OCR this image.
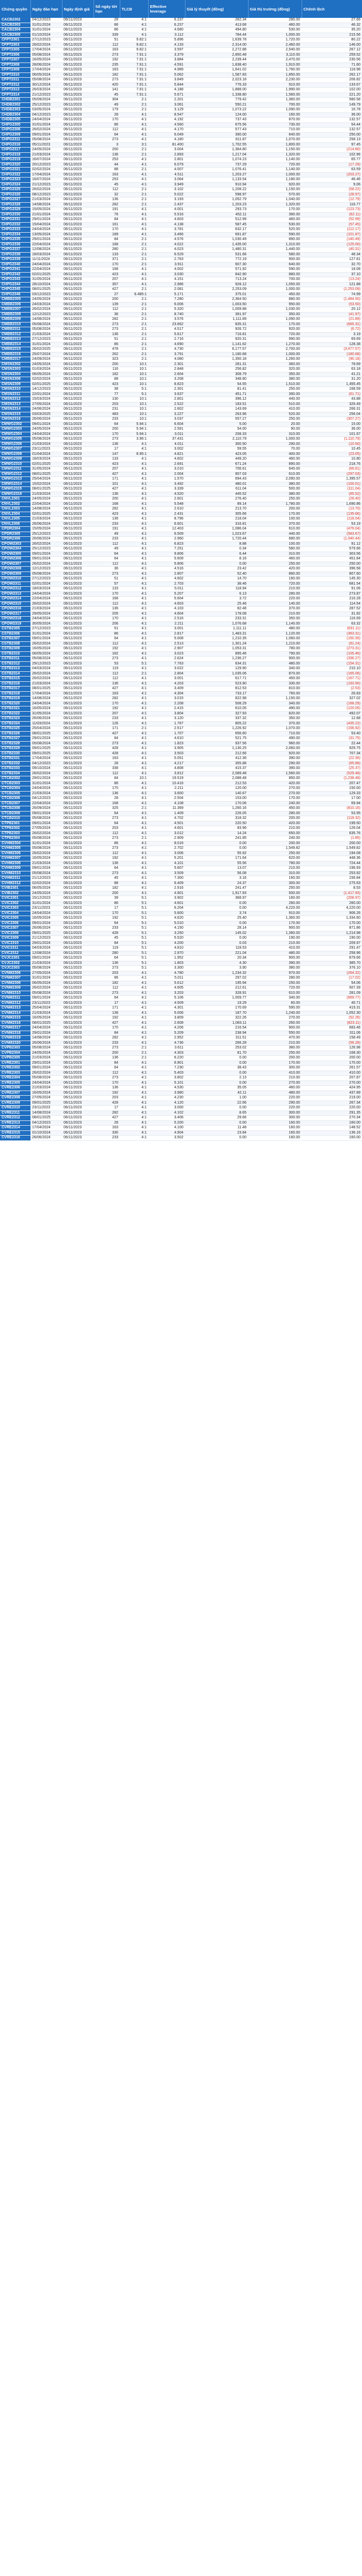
Chứng quyền	Ngày đáo hạn	Ngày định giá	Số ngày tới hạn	TLCĐ	Effective leverage	Giá lý thuyết (đồng)	Giá thị trường (đồng)	Chênh lệch
CACB2302	04/12/2023	06/11/2023	28	4:1	6.237	262.34	290.00	27.66
CACB2303	31/01/2024	06/11/2023	86	4:1	6.237	413.68	460.00	46.32
CACB2304	31/01/2024	06/11/2023	86	4:1	4.680	494.80	530.00	35.20
CACB2305	01/10/2024	06/11/2023	339	4:1	3.112	784.44	1,000.00	215.56
CFPT2301	27/12/2023	06/11/2023	51	9.82:1	5.896	1,639.78	1,720.00	80.22
CFPT2303	26/02/2024	06/11/2023	112	9.82:1	4.133	2,314.00	2,460.00	146.00
CFPT2305	17/04/2024	06/11/2023	163	9.82:1	3.597	2,272.88	2,540.00	267.12
CFPT2306	05/08/2024	06/11/2023	273	7.91:1	3.379	2,850.48	3,110.00	259.52
CFPT2307	16/05/2024	06/11/2023	192	7.91:1	3.884	2,239.44	2,470.00	230.56
CFPT2308	28/06/2024	06/11/2023	235	7.91:1	4.591	1,838.40	1,910.00	71.60
CFPT2309	17/04/2024	06/11/2023	163	7.91:1	4.989	1,641.02	1,760.00	118.98
CFPT2310	06/05/2024	06/11/2023	182	7.91:1	5.062	1,587.83	1,850.00	262.17
CFPT2311	05/08/2024	06/11/2023	273	7.91:1	3.849	2,023.18	2,230.00	206.82
CFPT2312	30/12/2024	06/11/2023	420	7.91:1	5.844	776.33	910.00	133.67
CFPT2313	26/03/2024	06/11/2023	141	7.91:1	4.188	1,888.00	1,990.00	102.00
CFPT2314	21/12/2023	06/11/2023	45	7.91:1	5.671	1,338.80	1,560.00	221.20
CHDB2301	05/09/2024	06/11/2023	304	2:1	2.201	779.42	1,360.00	580.58
CHDB2302	25/12/2023	06/11/2023	49	2:1	3.061	550.21	700.00	149.79
CHDB2303	03/05/2024	06/11/2023	179	2:1	3.129	1,073.22	1,090.00	16.78
CHDB2304	04/12/2023	06/11/2023	28	4:1	8.547	124.00	160.00	36.00
CHDB2305	24/04/2024	06/11/2023	170	4:1	4.192	737.43	870.00	132.57
CHPG2305	31/01/2024	06/11/2023	86	4:1	4.560	675.56	730.00	54.44
CHPG2306	26/02/2024	06/11/2023	112	4:1	4.170	577.43	710.00	132.57
CHPG2309	09/01/2024	06/11/2023	64	4:1	6.049	390.00	640.00	250.00
CHPG2311	05/08/2024	06/11/2023	273	4:1	4.180	811.87	1,070.00	258.13
CHPG2316	05/11/2023	06/11/2023	3	3:1	81.400	1,702.55	1,800.00	97.45
CHPG2317	24/05/2024	06/11/2023	200	2:1	3.004	1,364.80	1,150.00	(214.80)
CHPG2318	21/03/2024	06/11/2023	136	2:1	2.893	1,217.04	1,320.00	102.96
CHPG2319	16/07/2024	06/11/2023	253	4:1	2.801	1,074.23	1,140.00	65.77
CHPG2320	20/12/2023	06/11/2023	44	4:1	6.079	737.29	720.00	(17.29)
CHPG2321	02/02/2024	06/11/2023	88	2:1	4.007	1,076.41	1,140.00	63.59
CHPG2322	17/04/2024	06/11/2023	163	4:1	4.511	1,203.27	1,000.00	(203.27)
CHPG2323	16/07/2024	06/11/2023	253	4:1	3.064	1,133.54	1,180.00	46.46
CHPG2324	21/12/2023	06/11/2023	45	4:1	3.949	910.94	920.00	9.06
CHPG2325	26/02/2024	06/11/2023	112	2:1	3.102	1,208.22	1,150.00	(58.22)
CHPG2326	08/12/2023	06/11/2023	32	2:1	5.022	598.97	570.00	(28.97)
CHPG2327	21/03/2024	06/11/2023	136	2:1	3.193	1,052.79	1,040.00	(12.79)
CHPG2328	14/08/2024	06/11/2023	282	2:1	2.437	1,203.23	1,320.00	116.77
CHPG2329	15/05/2024	06/11/2023	191	4:1	4.001	293.73	170.00	(123.73)
CHPG2330	21/01/2024	06/11/2023	76	4:1	5.516	452.11	390.00	(62.11)
CHPG2331	29/01/2024	06/11/2023	84	4:1	4.603	512.99	460.00	(52.99)
CHPG2332	15/04/2024	06/11/2023	161	4:1	4.138	587.45	530.00	(57.45)
CHPG2333	24/04/2024	06/11/2023	170	4:1	3.781	632.17	520.00	(112.17)
CHPG2334	13/05/2024	06/11/2023	189	4:1	3.466	691.87	590.00	(101.87)
CHPG2335	29/01/2024	06/11/2023	84	2:1	4.576	1,030.49	890.00	(140.49)
CHPG2336	22/04/2024	06/11/2023	168	2:1	4.022	1,435.00	1,310.00	(125.00)
CHPG2337	12/08/2024	06/11/2023	280	2:1	4.023	1,480.31	1,440.00	(40.31)
CHPG2338	18/03/2024	06/11/2023	133	2:1	6.529	531.66	580.00	48.34
CHPG2339	11/11/2024	06/11/2023	371	2:1	2.763	772.19	900.00	127.81
CHPG2340	24/04/2024	06/11/2023	170	2:1	3.911	607.30	640.00	32.70
CHPG2341	22/04/2024	06/11/2023	168	4:1	4.002	571.92	590.00	18.08
CHPG2342	02/01/2025	06/11/2023	423	4:1	3.030	842.90	880.00	37.10
CHPG2343	31/05/2024	06/11/2023	207	4:1	4.151	713.24	700.00	(13.24)
CHPG2344	28/10/2024	06/11/2023	357	4:1	2.986	928.12	1,050.00	121.88
CHPG2345	08/01/2025	06/11/2023	427	2:1	2.081	2,253.09	1,000.00	(1,253.09)
CHPG2346	03/12/2023	06/11/2023	27	6.485:1	5.171	375.01	450.00	74.99
CMBB2305	24/05/2024	06/11/2023	200	2:1	7.280	2,364.50	880.00	(1,484.50)
CMBB2306	24/03/2024	06/11/2023	139	2:1	6.006	1,003.50	950.00	(53.50)
CMBB2307	26/02/2024	06/11/2023	112	2:1	5.320	1,009.88	1,030.00	20.12
CMBB2308	12/12/2023	06/11/2023	36	2:1	8.740	391.97	350.00	(41.97)
CMBB2309	14/08/2024	06/11/2023	282	2:1	3.576	1,111.89	1,090.00	(21.89)
CMBB2310	05/08/2024	06/11/2023	273	2:1	23.662	835.31	170.00	(665.31)
CMBB2311	05/08/2024	06/11/2023	273	2:1	4.517	926.72	920.00	(6.72)
CMBB2312	21/03/2024	06/11/2023	136	2:1	5.617	716.81	720.00	3.19
CMBB2313	27/12/2023	06/11/2023	51	2:1	2.716	920.31	990.00	69.69
CMBB2314	31/01/2024	06/11/2023	86	2:1	4.690	1,141.62	1,270.00	128.38
CMBB2315	26/02/2025	06/11/2023	478	2:1	4.730	6,177.57	2,700.00	(3,477.57)
CMBB2316	25/07/2024	06/11/2023	262	2:1	3.791	1,180.68	1,000.00	(180.68)
CMBB2317	24/09/2024	06/11/2023	323	2:1	4.080	1,350.18	1,260.00	(90.18)
CMSN2302	24/05/2024	06/11/2023	200	10:1	2.301	281.31	360.00	78.69
CMSN2303	01/03/2024	06/11/2023	116	10:1	2.848	256.82	320.00	63.18
CMSN2304	06/05/2024	06/11/2023	182	10:1	2.604	308.79	350.00	41.21
CMSN2308	02/02/2024	06/11/2023	88	10:1	3.208	348.80	380.00	31.20
CMSN2309	02/01/2025	06/11/2023	423	10:1	8.823	54.55	1,510.00	1,455.45
CMSN2310	14/12/2023	06/11/2023	38	5:1	2.301	81.41	250.00	168.59
CMSN2311	22/01/2024	06/11/2023	77	5:1	3.637	451.71	390.00	(61.71)
CMSN2312	15/03/2024	06/11/2023	130	10:1	2.801	396.12	440.00	43.88
CMSN2313	27/05/2024	06/11/2023	203	10:1	2.522	183.51	510.00	326.49
CMSN2314	24/06/2024	06/11/2023	231	10:1	2.602	143.69	410.00	266.31
CMSN2315	03/03/2025	06/11/2023	483	10:1	3.227	263.96	520.00	256.04
CMSN2316	26/06/2024	06/11/2023	233	10:1	3.037	557.27	250.00	(307.27)
CMWG2302	09/01/2024	06/11/2023	64	5.94:1	6.604	5.00	20.00	15.00
CMWG2303	24/05/2024	06/11/2023	200	5.94:1	2.591	54.00	90.00	36.00
CMWG2304	24/04/2024	06/11/2023	170	5.94:1	3.011	208.33	310.00	101.67
CMWG2305	05/08/2024	06/11/2023	273	3.96:1	37.431	2,110.79	1,000.00	(1,110.79)
CMWG2306	21/03/2024	06/11/2023	136	4:1	4.011	300.50	290.00	(10.50)
CMWG2307	23/11/2023	06/11/2023	17	4:1	3.002	59.55	70.00	10.45
CMWG2308	01/04/2024	06/11/2023	147	8.95:1	4.821	423.05	400.00	(23.05)
CMWG2309	18/03/2024	06/11/2023	133	4:1	4.602	449.20	460.00	10.80
CMWG2310	02/01/2025	06/11/2023	423	4:1	2.691	671.24	890.00	218.76
CMWG2311	31/05/2024	06/11/2023	207	4:1	3.010	706.61	640.00	(66.61)
CMWG2312	08/01/2025	06/11/2023	427	4:1	2.004	907.03	610.00	(297.03)
CMWG2313	25/04/2024	06/11/2023	171	4:1	1.570	694.43	2,090.00	1,395.57
CMWG2314	15/02/2024	06/11/2023	101	4:1	3.492	480.01	380.00	(100.01)
CMWG2315	08/01/2025	06/11/2023	427	4:1	3.339	611.04	500.00	(111.04)
CMWG2316	21/03/2024	06/11/2023	136	4:1	4.520	445.52	380.00	(65.52)
CNVL2301	24/05/2024	06/11/2023	200	4:1	2.601	276.40	250.00	(26.40)
CNVL2302	22/04/2024	06/11/2023	168	4:1	5.548	89.14	1,780.00	1,690.86
CNVL2303	14/08/2024	06/11/2023	282	4:1	2.610	213.70	200.00	(13.70)
CNVL2304	02/01/2025	06/11/2023	423	4:1	2.431	305.66	170.00	(135.66)
CNVL2305	21/03/2024	06/11/2023	136	4:1	8.796	218.04	100.00	(118.04)
CNVL2306	26/06/2024	06/11/2023	233	4:1	6.601	316.81	370.00	53.19
CPDR2304	15/05/2024	06/11/2023	191	4:1	12.403	1,086.04	610.00	(476.04)
CPDR2305	25/12/2023	06/11/2023	49	4:1	6.509	1,023.67	440.00	(583.67)
CPDR2306	26/06/2024	06/11/2023	233	4:1	2.960	1,720.44	680.00	(1,040.44)
CPOW2303	26/02/2024	06/11/2023	112	4:1	6.823	8.88	100.00	91.12
CPOW2304	25/12/2023	06/11/2023	49	4:1	7.251	0.34	580.00	579.66
CPOW2305	09/01/2024	06/11/2023	64	4:1	9.806	6.44	310.00	303.56
CPOW2306	09/01/2024	06/11/2023	64	4:1	5.609	8.16	460.00	451.84
CPOW2307	26/02/2024	06/11/2023	112	4:1	5.806	0.00	250.00	250.00
CPOW2308	12/12/2023	06/11/2023	36	4:1	4.516	23.42	420.00	396.58
CPOW2309	05/08/2024	06/11/2023	273	4:1	2.807	52.40	860.00	807.60
CPOW2310	27/12/2023	06/11/2023	51	4:1	4.602	14.70	160.00	145.30
CPOW2311	02/01/2024	06/11/2023	57	4:1	2.703	38.46	720.00	681.54
CPOW2312	18/03/2024	06/11/2023	133	4:1	5.011	118.94	210.00	91.06
CPOW2313	24/04/2024	06/11/2023	170	4:1	5.207	6.13	280.00	273.87
CPOW2314	22/04/2024	06/11/2023	168	4:1	5.604	3.72	220.00	216.28
CPOW2315	26/02/2024	06/11/2023	112	4:1	4.603	25.46	140.00	114.54
CPOW2316	21/03/2024	06/11/2023	136	4:1	4.103	82.48	370.00	287.52
CPOW2317	29/05/2024	06/11/2023	205	4:1	4.604	178.08	210.00	31.92
CPOW2318	24/04/2024	06/11/2023	170	4:1	2.516	233.31	350.00	116.69
CPOW2319	30/05/2024	06/11/2023	206	4:1	2.211	1,076.68	1,140.00	63.32
CSTB2305	27/12/2023	06/11/2023	51	4:1	3.001	1,111.11	480.00	(631.11)
CSTB2306	31/01/2024	06/11/2023	86	4:1	2.817	1,483.31	1,120.00	(363.31)
CSTB2307	09/01/2024	06/11/2023	64	4:1	5.008	1,210.35	1,060.00	(150.35)
CSTB2308	26/02/2024	06/11/2023	112	4:1	2.513	1,301.24	1,210.00	(91.24)
CSTB2309	16/05/2024	06/11/2023	192	4:1	2.907	1,053.31	780.00	(273.31)
CSTB2310	06/05/2024	06/11/2023	182	4:1	3.023	895.46	790.00	(105.46)
CSTB2311	05/08/2024	06/11/2023	273	4:1	2.624	1,236.27	900.00	(336.27)
CSTB2312	29/12/2023	06/11/2023	53	5:1	7.763	634.31	480.00	(154.31)
CSTB2313	04/03/2024	06/11/2023	119	4:1	3.022	129.90	340.00	210.10
CSTB2314	26/02/2024	06/11/2023	112	2:1	2.804	1,035.06	870.00	(165.06)
CSTB2315	26/02/2024	06/11/2023	112	4:1	3.001	617.71	450.00	(167.71)
CSTB2316	21/03/2024	06/11/2023	136	4:1	4.203	523.90	330.00	(193.90)
CSTB2317	08/01/2025	06/11/2023	427	4:1	3.409	812.53	810.00	(2.53)
CSTB2318	17/04/2024	06/11/2023	163	4:1	4.304	733.17	760.00	26.83
CSTB2319	14/08/2024	06/11/2023	282	4:1	3.015	822.98	1,150.00	327.02
CSTB2320	24/04/2024	06/11/2023	170	4:1	2.208	508.29	340.00	(168.29)
CSTB2321	16/05/2024	06/11/2023	192	4:1	2.415	610.05	490.00	(120.05)
CSTB2322	31/05/2024	06/11/2023	207	4:1	3.804	327.93	820.00	492.07
CSTB2323	26/06/2024	06/11/2023	233	4:1	3.120	337.32	350.00	12.68
CSTB2324	11/03/2024	06/11/2023	126	4:1	1.767	805.22	370.00	(435.22)
CSTB2325	25/04/2024	06/11/2023	171	2:1	2.517	1,226.92	1,070.00	(156.92)
CSTB2326	08/01/2025	06/11/2023	427	4:1	1.707	656.60	710.00	53.40
CSTB2327	29/01/2024	06/11/2023	84	4:1	4.610	521.75	490.00	(31.75)
CSTB2328	05/08/2024	06/11/2023	273	4:1	1.823	937.56	960.00	22.44
CSTB2329	09/01/2025	06/11/2023	428	4:1	3.905	1,130.25	2,060.00	929.75
CSTB2330	09/01/2025	06/11/2023	428	4:1	3.503	212.66	920.00	707.34
CSTB2331	17/04/2024	06/11/2023	163	4:1	5.051	412.36	390.00	(22.36)
CSTB2332	04/12/2023	06/11/2023	28	4:1	4.217	355.88	290.00	(65.88)
CSTB2333	09/10/2024	06/11/2023	338	4:1	4.808	415.37	390.00	(25.37)
CSTB2334	26/02/2024	06/11/2023	112	4:1	3.812	2,089.48	1,560.00	(529.48)
CTCB2302	29/01/2024	06/11/2023	84	10:1	19.519	2,088.48	850.00	(1,238.48)
CTCB2303	31/01/2024	06/11/2023	86	4:1	10.416	212.53	420.00	207.47
CTCB2304	24/04/2024	06/11/2023	170	4:1	2.211	120.00	270.00	150.00
CTCB2305	21/03/2024	06/11/2023	136	4:1	3.600	140.67	270.00	129.33
CTCB2306	04/12/2023	06/11/2023	28	4:1	2.504	153.00	170.00	17.00
CTCB2307	22/04/2024	06/11/2023	168	4:1	4.108	170.06	240.00	69.94
CTCB2308	26/09/2024	06/11/2023	325	2:1	11.369	1,260.16	450.00	(810.16)
CTCB2309	09/01/2024	06/11/2023	64	4:1	1.409	226.05	280.00	53.95
CTCB2310	05/08/2024	06/11/2023	273	4:1	4.702	318.32	200.00	(118.32)
CTPB2301	09/01/2024	06/11/2023	64	4:1	4.501	220.50	420.00	199.50
CTPB2302	27/05/2024	06/11/2023	203	4:1	4.601	83.96	210.00	126.04
CTPB2303	26/02/2024	06/11/2023	112	4:1	3.012	14.24	650.00	635.76
CTPB2304	05/08/2024	06/11/2023	273	2:1	2.909	241.85	240.00	(1.85)
CVHM2304	31/01/2024	06/11/2023	86	4:1	8.016	0.00	200.00	200.00
CVHM2305	05/08/2024	06/11/2023	273	4:1	2.702	0.00	1,549.82	1,549.82
CVHM2306	26/02/2024	06/11/2023	112	4:1	3.006	55.92	250.00	194.08
CVHM2307	16/05/2024	06/11/2023	192	4:1	5.201	171.64	620.00	448.36
CVHM2308	21/03/2024	06/11/2023	136	4:1	4.101	55.56	780.00	724.44
CVHM2309	09/01/2024	06/11/2023	64	4:1	5.607	13.07	210.00	196.93
CVHM2310	05/08/2024	06/11/2023	273	4:1	3.509	56.08	310.00	253.92
CVHM2311	21/12/2023	06/11/2023	45	4:1	7.300	3.16	160.00	156.84
CVHM2312	02/02/2024	06/11/2023	88	4:1	6.409	24.37	300.00	275.63
CVIB2301	06/05/2024	06/11/2023	182	4:1	2.916	241.47	250.00	8.53
CVIB2302	24/05/2024	06/11/2023	200	4:1	4.901	1,917.93	500.00	(1,417.93)
CVIC2301	15/12/2023	06/11/2023	39	5:1	3.902	368.97	160.00	(208.97)
CVIC2302	31/01/2024	06/11/2023	86	5:1	4.601	0.00	260.00	260.00
CVIC2303	23/11/2023	06/11/2023	17	5:1	6.204	0.00	4,220.00	4,220.00
CVIC2304	24/04/2024	06/11/2023	170	5:1	5.600	3.74	910.00	906.26
CVIC2305	16/05/2024	06/11/2023	192	5:1	4.620	25.40	1,360.00	1,334.60
CVIC2306	09/01/2024	06/11/2023	64	5:1	5.010	0.00	170.00	170.00
CVIC2307	26/06/2024	06/11/2023	233	5:1	4.150	28.14	900.00	871.86
CVIC2308	09/01/2025	06/11/2023	428	5:1	3.250	145.02	1,360.00	1,214.98
CVIC2309	21/12/2023	06/11/2023	45	5:1	5.520	0.00	190.00	190.00
CVIC2310	29/01/2024	06/11/2023	84	5:1	4.200	0.03	210.00	209.97
CVIC2311	04/03/2024	06/11/2023	119	5:1	4.810	118.53	410.00	291.47
CVIC2312	12/08/2024	06/11/2023	280	5:1	2.970	221.04	480.00	258.96
CVJC2301	09/01/2024	06/11/2023	64	5:1	1.952	20.34	900.00	879.66
CVJC2302	21/03/2024	06/11/2023	136	5:1	1.803	4.30	390.00	385.70
CVJC2303	05/08/2024	06/11/2023	273	5:1	3.300	3.90	380.00	376.10
CVNM2306	27/05/2024	06/11/2023	203	4:1	4.780	1,234.32	970.00	(264.32)
CVNM2307	31/01/2024	06/11/2023	86	4:1	5.011	297.02	280.00	(17.02)
CVNM2308	06/05/2024	06/11/2023	182	4:1	5.612	195.94	250.00	54.06
CVNM2309	26/02/2024	06/11/2023	112	4:1	4.605	212.61	720.00	507.39
CVNM2310	05/08/2024	06/11/2023	273	4:1	3.203	328.91	610.00	281.09
CVNM2311	09/01/2024	06/11/2023	64	4:1	5.106	1,009.77	340.00	(669.77)
CVNM2312	23/11/2023	06/11/2023	17	4:1	4.509	19.29	60.00	40.71
CVNM2313	25/04/2024	06/11/2023	171	4:1	4.301	170.69	590.00	419.31
CVNM2314	21/03/2024	06/11/2023	136	4:1	5.006	187.70	1,240.00	1,052.30
CVNM2315	16/05/2024	06/11/2023	192	4:1	3.809	322.26	270.00	(52.26)
CVNM2316	08/01/2025	06/11/2023	427	4:1	2.608	1,083.11	260.00	(823.11)
CVNM2317	24/04/2024	06/11/2023	170	4:1	4.206	216.54	900.00	683.46
CVNM2318	29/01/2024	06/11/2023	84	4:1	5.209	238.94	550.00	311.06
CVNM2319	14/08/2024	06/11/2023	282	4:1	2.952	311.51	470.00	158.49
CVNM2320	26/06/2024	06/11/2023	233	4:1	4.736	266.28	210.00	(56.28)
CVPB2303	05/08/2024	06/11/2023	273	2:1	3.611	253.02	380.00	126.98
CVPB2304	24/05/2024	06/11/2023	200	2:1	4.303	81.70	250.00	168.30
CVPB2305	21/03/2024	06/11/2023	136	2:1	6.220	0.00	200.00	200.00
CVRE2301	29/01/2024	06/11/2023	84	4:1	6.901	0.00	170.00	170.00
CVRE2302	09/01/2024	06/11/2023	64	4:1	7.230	38.43	300.00	261.57
CVRE2303	26/02/2024	06/11/2023	112	4:1	5.403	0.00	410.00	410.00
CVRE2304	05/08/2024	06/11/2023	273	4:1	3.802	2.13	210.00	207.87
CVRE2305	24/04/2024	06/11/2023	170	4:1	5.101	0.00	270.00	270.00
CVRE2306	21/03/2024	06/11/2023	136	4:1	4.530	35.05	460.00	424.95
CVRE2307	16/05/2024	06/11/2023	192	4:1	3.980	42.11	480.00	437.89
CVRE2308	27/05/2024	06/11/2023	203	4:1	4.230	1.00	220.00	219.00
CVRE2309	09/01/2025	06/11/2023	428	4:1	4.120	22.66	290.00	267.34
CVRE2310	23/11/2023	06/11/2023	17	4:1	3.000	0.00	220.00	220.00
CVRE2311	14/08/2024	06/11/2023	282	4:1	4.102	8.65	300.00	291.35
CVRE2312	08/01/2025	06/11/2023	427	4:1	3.406	29.66	300.00	270.34
CVRE2313	04/12/2023	06/11/2023	28	4:1	5.200	0.00	160.00	160.00
CVRE2314	17/04/2024	06/11/2023	163	4:1	4.100	11.48	160.00	148.52
CVRE2315	01/10/2024	06/11/2023	330	4:1	4.904	23.84	160.00	136.16
CVRE2316	26/06/2024	06/11/2023	233	4:1	3.502	0.00	160.00	160.00
